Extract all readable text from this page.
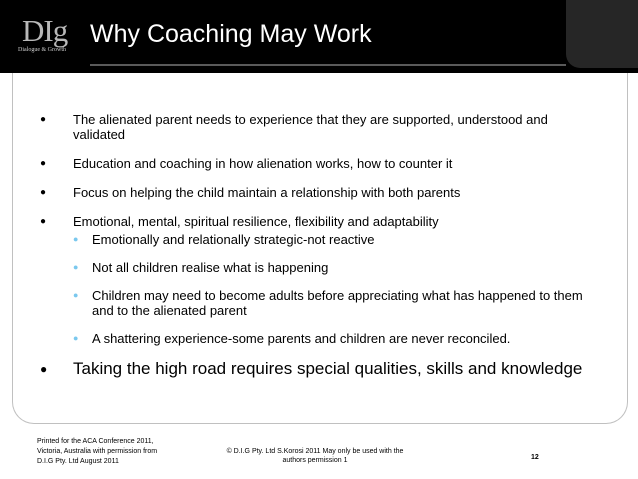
DIg
Dialogue & Growth
Why Coaching May Work
● The alienated parent needs to experience that they are supported, understood and validated
● Education and coaching in how alienation works, how to counter it
● Focus on helping the child maintain a relationship with both parents
● Emotional, mental, spiritual resilience, flexibility and adaptability
● Emotionally and relationally strategic-not reactive
● Not all children realise what is happening
● Children may need to become adults before appreciating what has happened to them and to the alienated parent
● A shattering experience-some parents and children are never reconciled.
● Taking the high road requires special qualities, skills and knowledge
Printed for the ACA Conference 2011,
Victoria, Australia with permission from
D.I.G Pty. Ltd August 2011
© D.I.G Pty. Ltd S.Korosi 2011 May only be used with the
authors permission 1	12
